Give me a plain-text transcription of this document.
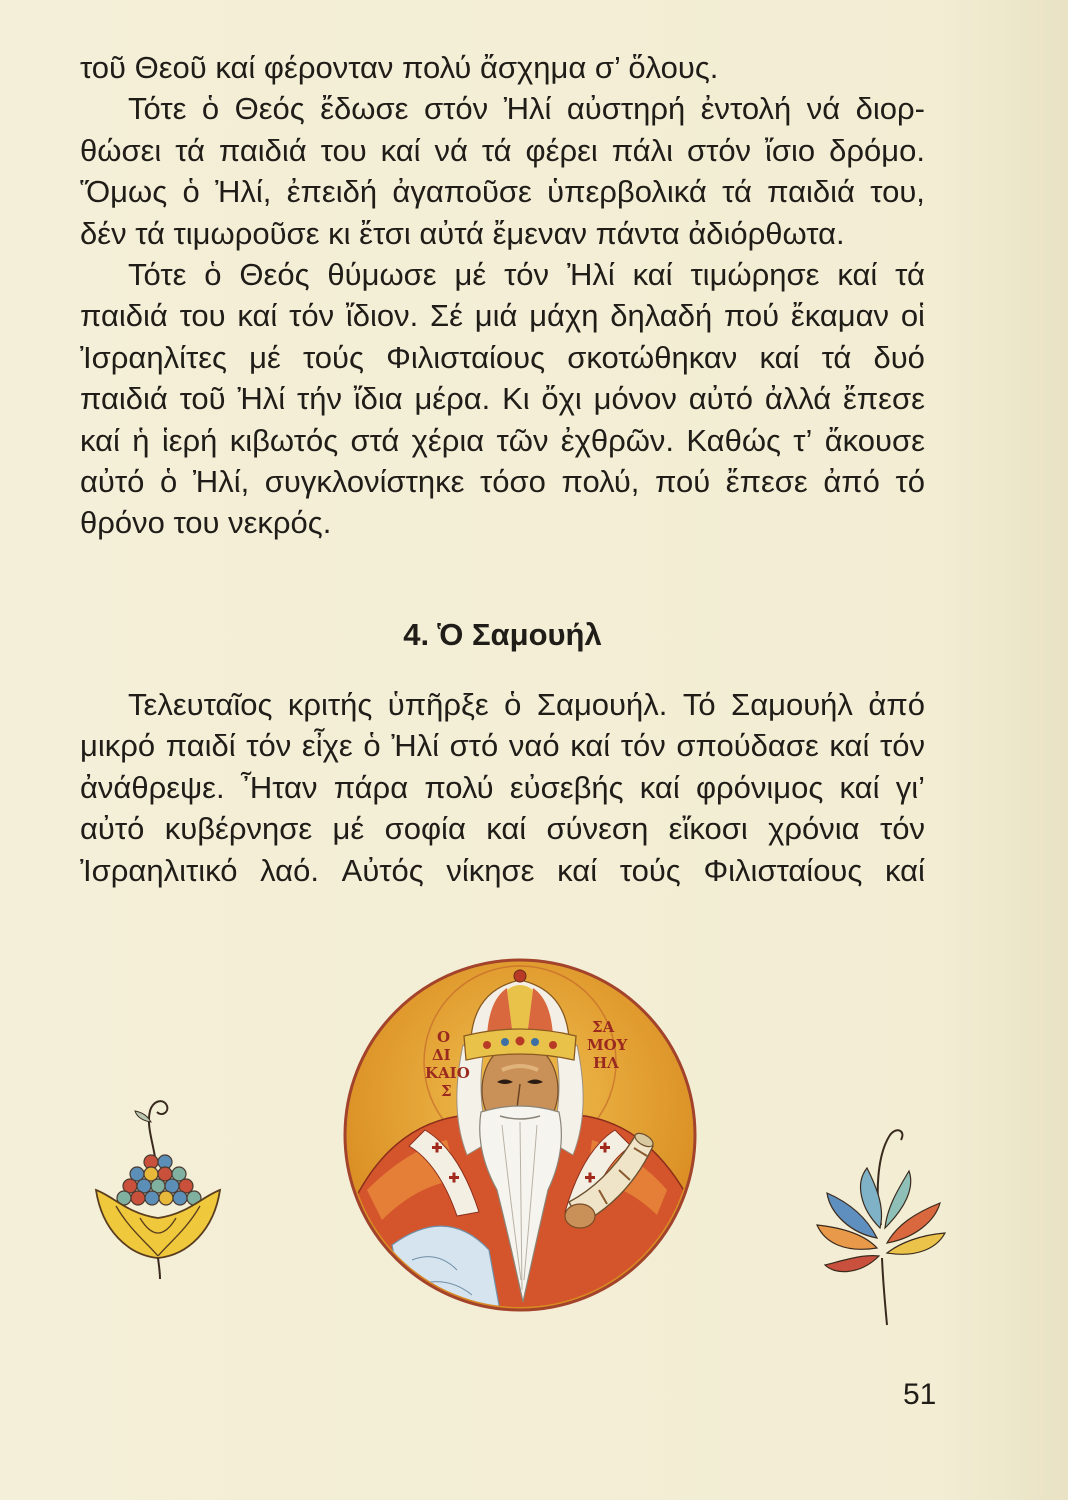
τοῦ Θεοῦ καί φέρονταν πολύ ἄσχημα σ’ ὅλους.
Τότε ὁ Θεός ἔδωσε στόν Ἠλί αὐστηρή ἐντολή νά διορ-
θώσει τά παιδιά του καί νά τά φέρει πάλι στόν ἴσιο δρόμο.
Ὅμως ὁ Ἠλί, ἐπειδή ἀγαποῦσε ὑπερβολικά τά παιδιά του,
δέν τά τιμωροῦσε κι ἔτσι αὐτά ἔμεναν πάντα ἀδιόρθωτα.
Τότε ὁ Θεός θύμωσε μέ τόν Ἠλί καί τιμώρησε καί τά
παιδιά του καί τόν ἴδιον. Σέ μιά μάχη δηλαδή πού ἔκαμαν οἱ
Ἰσραηλίτες μέ τούς Φιλισταίους σκοτώθηκαν καί τά δυό
παιδιά τοῦ Ἠλί τήν ἴδια μέρα. Κι ὄχι μόνον αὐτό ἀλλά ἔπεσε
καί ἡ ἱερή κιβωτός στά χέρια τῶν ἐχθρῶν. Καθώς τ’ ἄκουσε
αὐτό ὁ Ἠλί, συγκλονίστηκε τόσο πολύ, πού ἔπεσε ἀπό τό
θρόνο του νεκρός.
4. Ὁ Σαμουήλ
Τελευταῖος κριτής ὑπῆρξε ὁ Σαμουήλ. Τό Σαμουήλ ἀπό
μικρό παιδί τόν εἶχε ὁ Ἠλί στό ναό καί τόν σπούδασε καί τόν
ἀνάθρεψε. Ἦταν πάρα πολύ εὐσεβής καί φρόνιμος καί γι’
αὐτό κυβέρνησε μέ σοφία καί σύνεση εἴκοσι χρόνια τόν
Ἰσραηλιτικό λαό. Αὐτός νίκησε καί τούς Φιλισταίους καί
Ο
ΔΙ
ΚΑΙΟ
Σ
ΣΑ
ΜΟΥ
ΗΛ
51
